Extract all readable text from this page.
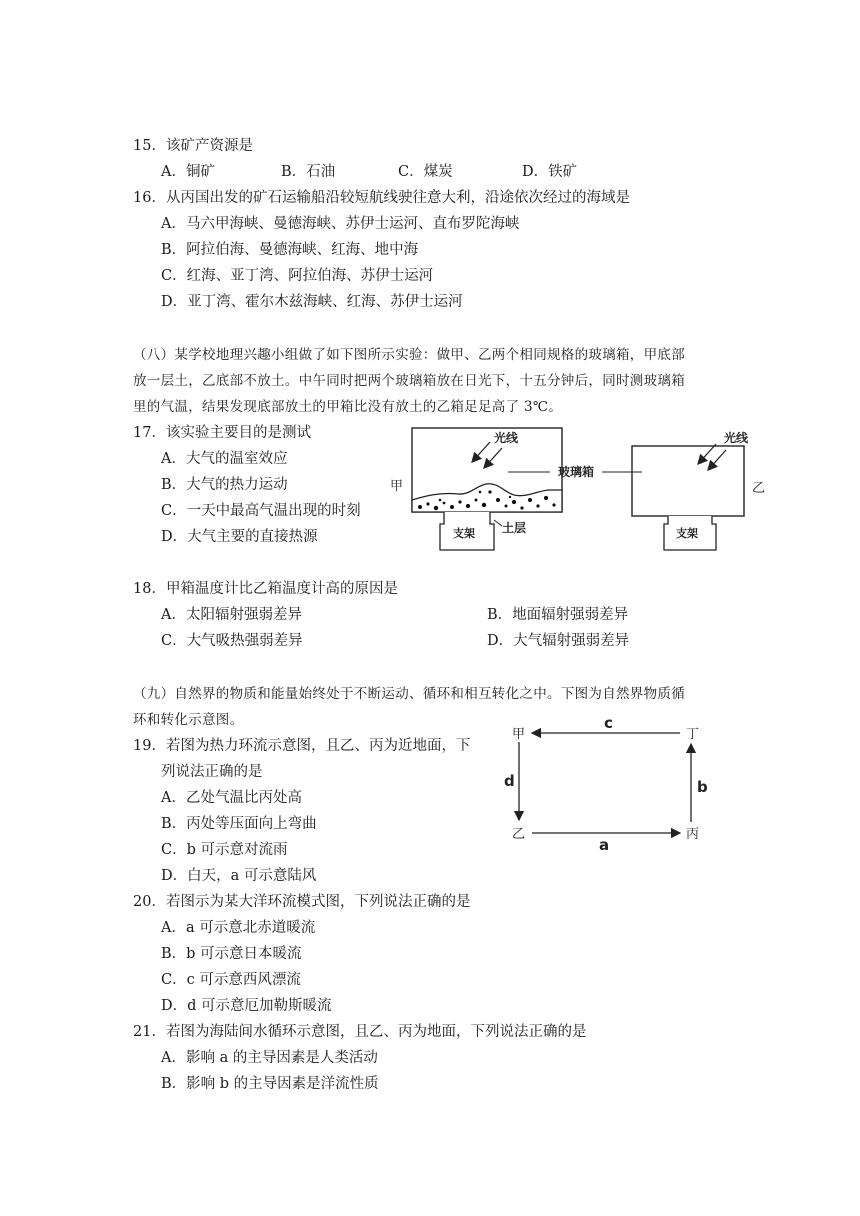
15．该矿产资源是
A．铜矿	B．石油	C．煤炭	D．铁矿
16．从丙国出发的矿石运输船沿较短航线驶往意大利，沿途依次经过的海域是
A．马六甲海峡、曼德海峡、苏伊士运河、直布罗陀海峡
B．阿拉伯海、曼德海峡、红海、地中海
C．红海、亚丁湾、阿拉伯海、苏伊士运河
D．亚丁湾、霍尔木兹海峡、红海、苏伊士运河
（八）某学校地理兴趣小组做了如下图所示实验：做甲、乙两个相同规格的玻璃箱，甲底部
放一层土，乙底部不放土。中午同时把两个玻璃箱放在日光下，十五分钟后，同时测玻璃箱
里的气温，结果发现底部放土的甲箱比没有放土的乙箱足足高了 3℃。
17．该实验主要目的是测试
A．大气的温室效应
B．大气的热力运动
C．一天中最高气温出现的时刻
D．大气主要的直接热源
光线
甲
支架 土层
玻璃箱
光线
乙
支架
18．甲箱温度计比乙箱温度计高的原因是
A．太阳辐射强弱差异	B．地面辐射强弱差异
C．大气吸热强弱差异	D．大气辐射强弱差异
（九）自然界的物质和能量始终处于不断运动、循环和相互转化之中。下图为自然界物质循
环和转化示意图。
甲	丁
乙	丙
c
d
a
b
19．若图为热力环流示意图，且乙、丙为近地面，下
列说法正确的是
A．乙处气温比丙处高
B．丙处等压面向上弯曲
C．b 可示意对流雨
D．白天，a 可示意陆风
20．若图示为某大洋环流模式图，下列说法正确的是
A．a 可示意北赤道暖流
B．b 可示意日本暖流
C．c 可示意西风漂流
D．d 可示意厄加勒斯暖流
21．若图为海陆间水循环示意图，且乙、丙为地面，下列说法正确的是
A．影响 a 的主导因素是人类活动
B．影响 b 的主导因素是洋流性质
